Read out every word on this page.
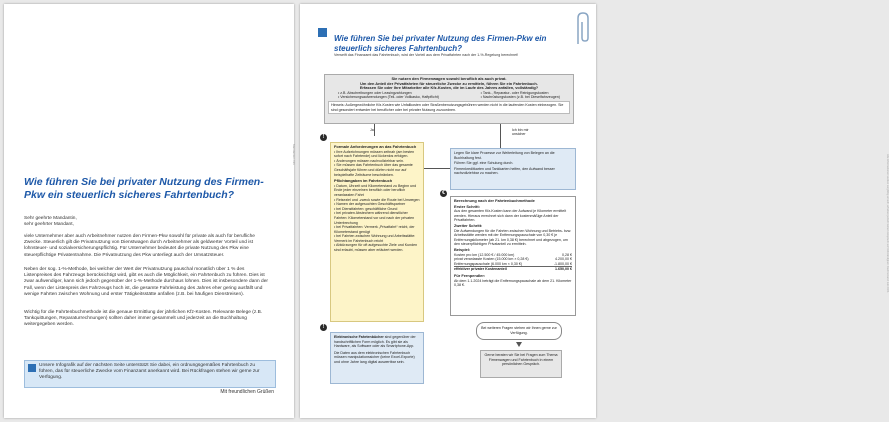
Wie führen Sie bei privater Nutzung des Firmen-Pkw ein steuerlich sicheres Fahrtenbuch?
Sehr geehrte Mandantin,
sehr geehrter Mandant,
viele Unternehmer aber auch Arbeitnehmer nutzen den Firmen-Pkw sowohl für private als auch für berufliche Zwecke. Steuerlich gilt die Privatnutzung von Dienstwagen durch Arbeitnehmer als geldwerter Vorteil und ist lohnsteuer- und sozialversicherungspflichtig. Für Unternehmer bedeutet die private Nutzung des Pkw eine steuerpflichtige Privatentnahme. Die Privatnutzung des Pkw unterliegt auch der Umsatzsteuer.
Neben der sog. 1-%-Methode, bei welcher der Wert der Privatnutzung pauschal monatlich über 1 % des Listenpreises des Fahrzeugs berücksichtigt wird, gibt es auch die Möglichkeit, ein Fahrtenbuch zu führen. Dies ist zwar aufwendiger, kann sich jedoch gegenüber der 1-%-Methode durchaus lohnen. Dies ist insbesondere dann der Fall, wenn der Listenpreis des Fahrzeugs hoch ist, die gesamte Fahrleistung des Jahres eher gering ausfällt und wenige Fahrten zwischen Wohnung und erster Tätigkeitsstätte anfallen (z.B. bei häufigen Dienstreisen).
Wichtig für die Fahrtenbuchmethode ist die genaue Ermittlung der jährlichen Kfz-Kosten. Relevante Belege (z.B. Tankquittungen, Reparaturrechnungen) sollten daher immer gesammelt und jederzeit an die Buchhaltung weitergegeben werden.
Unsere Infografik auf der nächsten Seite unterstützt Sie dabei, ein ordnungsgemäßes Fahrtenbuch zu führen, das für steuerliche Zwecke vom Finanzamt anerkannt wird. Bei Rückfragen stehen wir gerne zur Verfügung.
Mit freundlichen Grüßen
Mandanten-Info
Wie führen Sie bei privater Nutzung des Firmen-Pkw ein steuerlich sicheres Fahrtenbuch?
Verweift das Finanzamt das Fahrtenbuch, wird der Vorteil aus dem Privatfahrten nach der 1-%-Regelung berechnet!
Sie nutzen den Firmenwagen sowohl beruflich als auch privat.
Um den Anteil der Privatfahrten für steuerliche Zwecke zu ermitteln, führen Sie ein Fahrtenbuch.
Erfassen Sie oder Ihre Mitarbeiter alle Kfz-Kosten, die im Laufe des Jahres anfallen, vollständig?
• z.B. Abschreibungen oder Leasingzahlungen
• Versicherungsaufwendungen (Teil- oder Vollkasko, Haftpflicht)
• Tank-, Reparatur- oder Reinigungskosten
• Nachrüstungskosten (z.B. bei Dieselfahrzeugen)
Hinweis: Außergewöhnliche Kfz-Kosten wie Unfallkosten oder Straßenbenutzungsgebühren werden nicht in die laufenden Kosten einbezogen. Sie sind gesondert entweder bei beruflicher oder bei privater Nutzung zuzuordnen.
Ja	Ich bin mir unsicher
!
Formale Anforderungen an das Fahrtenbuch
• Ihre Aufzeichnungen müssen zeitnah (am besten sofort nach Fahrtende) und lückenlos erfolgen.
• Änderungen müssen nachvollziehbar sein.
• Sie müssen das Fahrtenbuch über das gesamte Geschäftsjahr führen und dürfen nicht nur auf beispielhafte Zeiträume beschränken.
Pflichtangaben im Fahrtenbuch
• Datum, Uhrzeit und Kilometerstand zu Beginn und Ende jeder einzelnen beruflich oder beruflich veranlassten Fahrt
• Reiseziel und -zweck sowie die Route bei Umwegen
• Namen der aufgesuchten Geschäftspartner
• bei Dienstfahrten: geschäftliche Grund
• bei privaten Abstechern während dienstlicher Fahrten: Kilometerstand vor und nach der privaten Unterbrechung
• bei Privatfahrten: Vermerk „Privatfahrt“ reicht, der Kilometerstand genügt
• bei Fahrten zwischen Wohnung und Arbeitsstätte: Vermerk im Fahrtenbuch reicht
• Abkürzungen für oft aufgesuchte Ziele und Kunden sind erlaubt, müssen aber erläutert werden.
Legen Sie klare Prozesse zur Weiterleitung von Belegen an die Buchhaltung fest.
Führen Sie ggf. eine Schulung durch.
Firmenkreditkarten und Tankkarten helfen, den Aufwand besser nachvollziehbar zu machen.
€
Berechnung nach der Fahrtenbuchmethode
Erster Schritt:
Aus den gesamten Kfz-Kosten kann der Aufwand je Kilometer ermittelt werden. Hieraus errechnet sich dann der kostenmäßige Anteil der Privatfahrten.
Zweiter Schritt:
Die Aufwendungen für die Fahrten zwischen Wohnung und Betriebs- bzw. Arbeitsstätte werden mit der Entfernungspauschale von 0,30 € je Entfernungskilometer (ab 21. km 0,38 €) berechnet und abgezogen, um den steuerpflichtigen Privatanteil zu ermitteln.
Beispiel:
Kosten pro km (12.500 € / 45.000 km)	0,28 €
privat veranlasste Kosten (15.000 km × 0,28 €)	4.200,00 €
Entfernungspauschale (6.000 km × 0,30 €)	-1.800,00 €
effektiver privater Kostenanteil	1.650,00 €
Für Fernpendler:
Ab dem 1.1.2024 beträgt die Entfernungspauschale ab dem 21. Kilometer 0,38 €.
!
Elektronische Fahrtenbücher sind gegenüber der handschriftlichen Form möglich. Es gibt sie als Hardware, als Software oder als Smartphone-App.
Die Daten aus dem elektronischen Fahrtenbuch müssen manipulationssicher (keine Excel-Exporte) und ohne Jahre lang digital auswertbar sein.
Bei weiteren Fragen stehen wir Ihnen gerne zur Verfügung.
Gerne beraten wir Sie bei Fragen zum Thema Firmenwagen und Fahrtenbuch in einem persönlichen Gespräch.
Alle Informationen wurden sorgfältig erstellt, erheben jedoch keinen Anspruch auf Vollständigkeit. Rechtsstand: Juli 2024.
